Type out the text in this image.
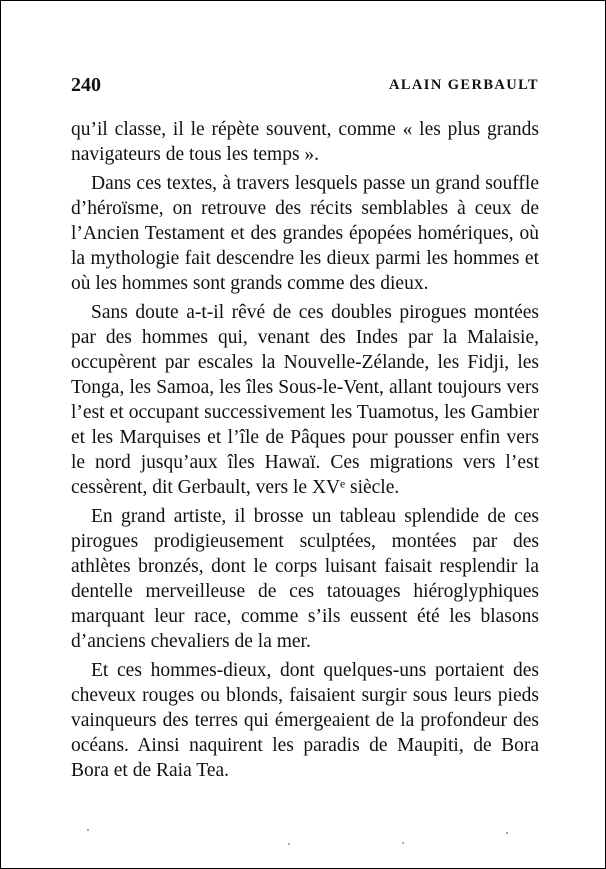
240	ALAIN GERBAULT

qu’il classe, il le répète souvent, comme « les plus grands navigateurs de tous les temps ».

Dans ces textes, à travers lesquels passe un grand souffle d’héroïsme, on retrouve des récits semblables à ceux de l’Ancien Testament et des grandes épopées homériques, où la mythologie fait descendre les dieux parmi les hommes et où les hommes sont grands comme des dieux.

Sans doute a-t-il rêvé de ces doubles pirogues montées par des hommes qui, venant des Indes par la Malaisie, occupèrent par escales la Nouvelle-Zélande, les Fidji, les Tonga, les Samoa, les îles Sous-le-Vent, allant toujours vers l’est et occupant successivement les Tuamotus, les Gambier et les Marquises et l’île de Pâques pour pousser enfin vers le nord jusqu’aux îles Hawaï. Ces migrations vers l’est cessèrent, dit Gerbault, vers le XVᵉ siècle.

En grand artiste, il brosse un tableau splendide de ces pirogues prodigieusement sculptées, montées par des athlètes bronzés, dont le corps luisant faisait resplendir la dentelle merveilleuse de ces tatouages hiéroglyphiques marquant leur race, comme s’ils eussent été les blasons d’anciens chevaliers de la mer.

Et ces hommes-dieux, dont quelques-uns portaient des cheveux rouges ou blonds, faisaient surgir sous leurs pieds vainqueurs des terres qui émergeaient de la profondeur des océans. Ainsi naquirent les paradis de Maupiti, de Bora Bora et de Raia Tea.
